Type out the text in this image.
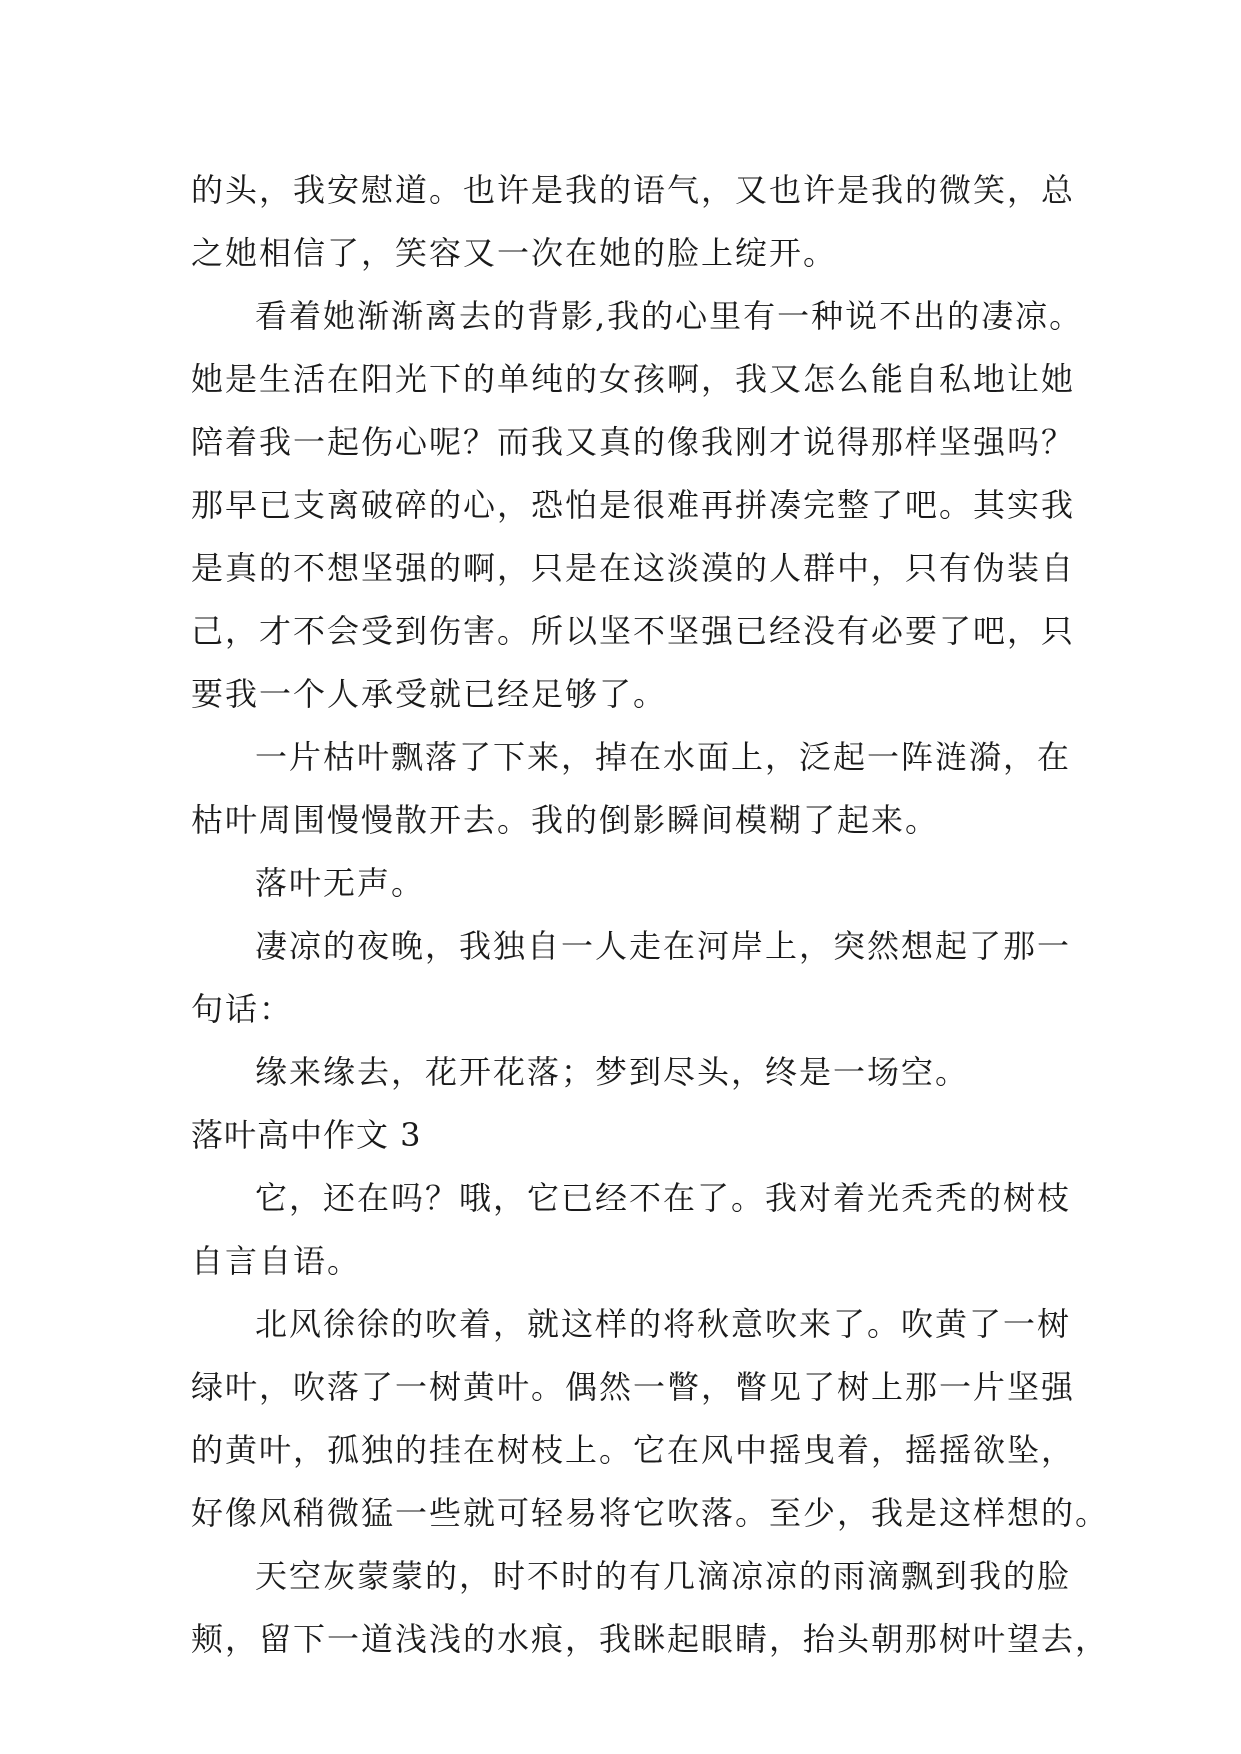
的头，我安慰道。也许是我的语气，又也许是我的微笑，总
之她相信了，笑容又一次在她的脸上绽开。
看着她渐渐离去的背影,我的心里有一种说不出的凄凉。
她是生活在阳光下的单纯的女孩啊，我又怎么能自私地让她
陪着我一起伤心呢？而我又真的像我刚才说得那样坚强吗？
那早已支离破碎的心，恐怕是很难再拼凑完整了吧。其实我
是真的不想坚强的啊，只是在这淡漠的人群中，只有伪装自
己，才不会受到伤害。所以坚不坚强已经没有必要了吧，只
要我一个人承受就已经足够了。
一片枯叶飘落了下来，掉在水面上，泛起一阵涟漪，在
枯叶周围慢慢散开去。我的倒影瞬间模糊了起来。
落叶无声。
凄凉的夜晚，我独自一人走在河岸上，突然想起了那一
句话：
缘来缘去，花开花落；梦到尽头，终是一场空。
落叶高中作文 3
它，还在吗？哦，它已经不在了。我对着光秃秃的树枝
自言自语。
北风徐徐的吹着，就这样的将秋意吹来了。吹黄了一树
绿叶，吹落了一树黄叶。偶然一瞥，瞥见了树上那一片坚强
的黄叶，孤独的挂在树枝上。它在风中摇曳着，摇摇欲坠，
好像风稍微猛一些就可轻易将它吹落。至少，我是这样想的。
天空灰蒙蒙的，时不时的有几滴凉凉的雨滴飘到我的脸
颊，留下一道浅浅的水痕，我眯起眼睛，抬头朝那树叶望去，
